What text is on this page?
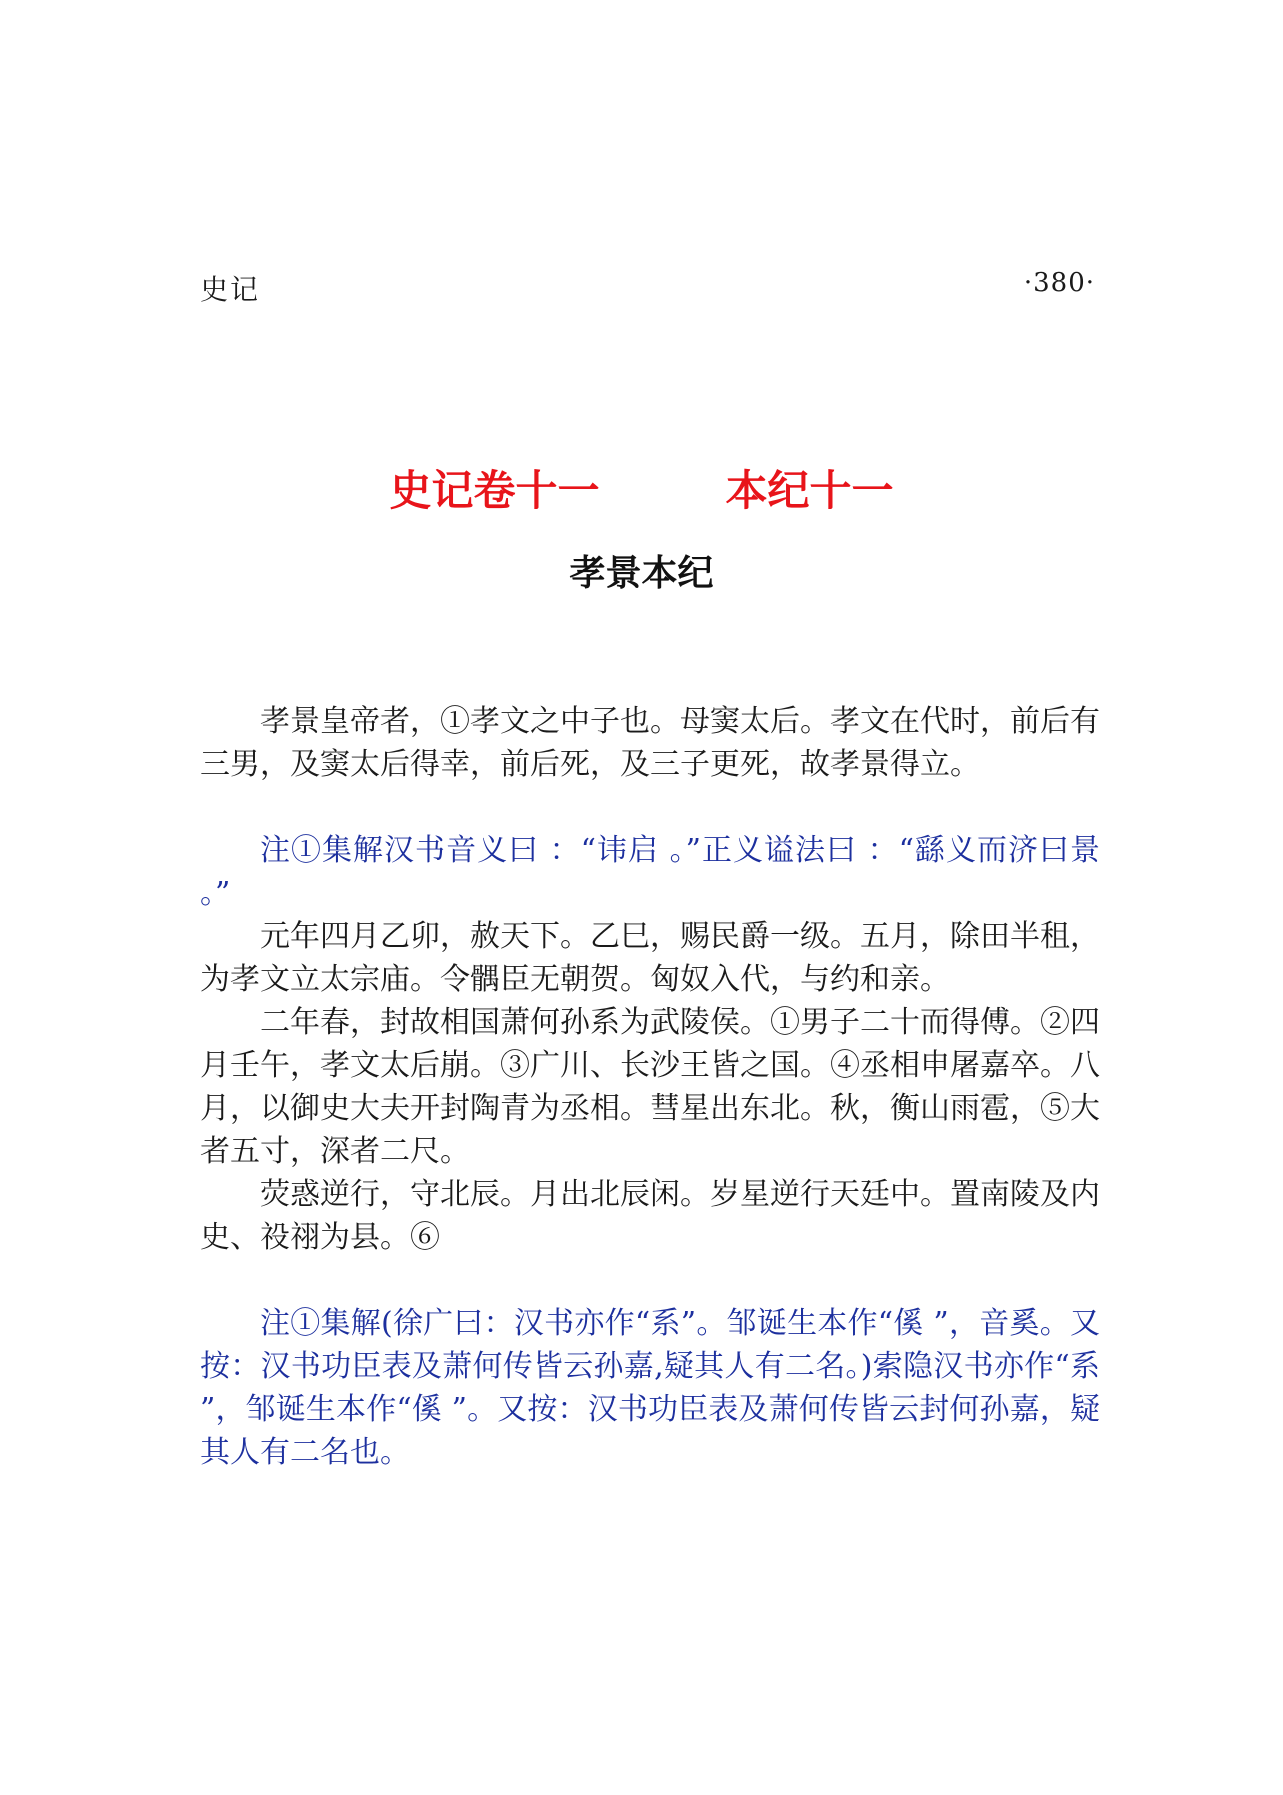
史记	·380·
史记卷十一　　　本纪十一
孝景本纪

孝景皇帝者，①孝文之中子也。母窦太后。孝文在代时，前后有三男，及窦太后得幸，前后死，及三子更死，故孝景得立。

注①集解汉书音义曰 ：“讳启 。”正义谥法曰 ：“繇义而济曰景 。”

元年四月乙卯，赦天下。乙巳，赐民爵一级。五月，除田半租，为孝文立太宗庙。令髃臣无朝贺。匈奴入代，与约和亲。

二年春，封故相国萧何孙系为武陵侯。①男子二十而得傅。②四月壬午，孝文太后崩。③广川、长沙王皆之国。④丞相申屠嘉卒。八月，以御史大夫开封陶青为丞相。彗星出东北。秋，衡山雨雹，⑤大者五寸，深者二尺。

荧惑逆行，守北辰。月出北辰闲。岁星逆行天廷中。置南陵及内史、祋祤为县。⑥

注①集解(徐广曰：汉书亦作“系”。邹诞生本作“傒 ”，音奚。又按：汉书功臣表及萧何传皆云孙嘉,疑其人有二名。)索隐汉书亦作“系 ”，邹诞生本作“傒 ”。又按：汉书功臣表及萧何传皆云封何孙嘉，疑其人有二名也。
